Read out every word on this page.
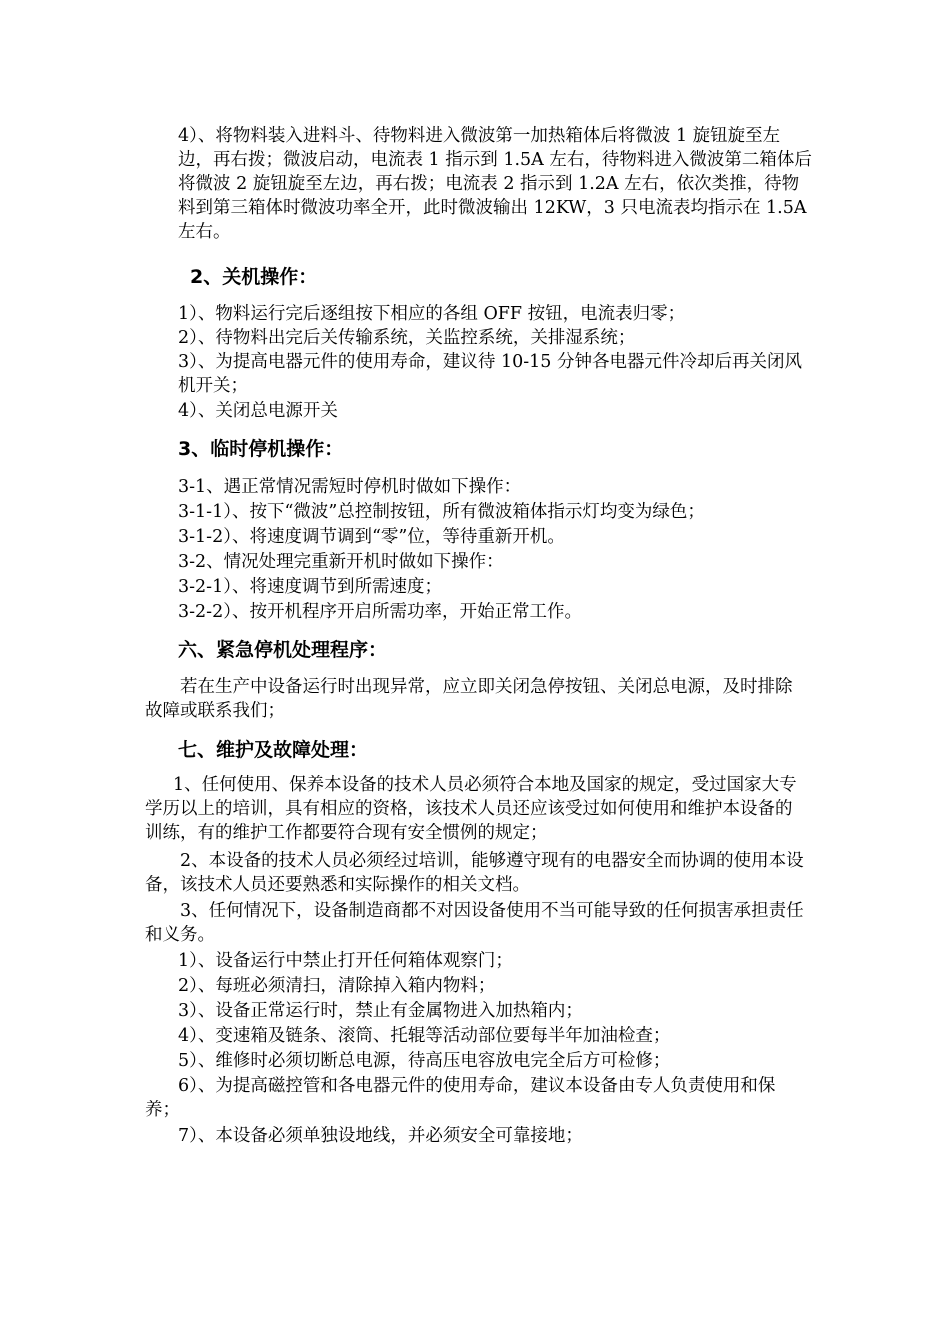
4）、将物料装入进料斗、待物料进入微波第一加热箱体后将微波 1 旋钮旋至左边，再右拨；微波启动，电流表 1 指示到 1.5A 左右，待物料进入微波第二箱体后将微波 2 旋钮旋至左边，再右拨；电流表 2 指示到 1.2A 左右，依次类推，待物料到第三箱体时微波功率全开，此时微波输出 12KW，3 只电流表均指示在 1.5A 左右。

2、关机操作：
1）、物料运行完后逐组按下相应的各组 OFF 按钮，电流表归零；
2）、待物料出完后关传输系统，关监控系统，关排湿系统；
3）、为提高电器元件的使用寿命，建议待 10-15 分钟各电器元件冷却后再关闭风机开关；
4）、关闭总电源开关
3、临时停机操作：
3-1、遇正常情况需短时停机时做如下操作：
3-1-1）、按下“微波”总控制按钮，所有微波箱体指示灯均变为绿色；
3-1-2）、将速度调节调到“零”位，等待重新开机。
3-2、情况处理完重新开机时做如下操作：
3-2-1）、将速度调节到所需速度；
3-2-2）、按开机程序开启所需功率，开始正常工作。
六、紧急停机处理程序：

若在生产中设备运行时出现异常，应立即关闭急停按钮、关闭总电源，及时排除故障或联系我们；

七、维护及故障处理：

1、任何使用、保养本设备的技术人员必须符合本地及国家的规定，受过国家大专学历以上的培训，具有相应的资格，该技术人员还应该受过如何使用和维护本设备的训练，有的维护工作都要符合现有安全惯例的规定；

2、本设备的技术人员必须经过培训，能够遵守现有的电器安全而协调的使用本设备，该技术人员还要熟悉和实际操作的相关文档。

3、任何情况下，设备制造商都不对因设备使用不当可能导致的任何损害承担责任和义务。

1）、设备运行中禁止打开任何箱体观察门；
2）、每班必须清扫，清除掉入箱内物料；
3）、设备正常运行时，禁止有金属物进入加热箱内；
4）、变速箱及链条、滚筒、托辊等活动部位要每半年加油检查；
5）、维修时必须切断总电源，待高压电容放电完全后方可检修；

6）、为提高磁控管和各电器元件的使用寿命，建议本设备由专人负责使用和保养；

7）、本设备必须单独设地线，并必须安全可靠接地；
